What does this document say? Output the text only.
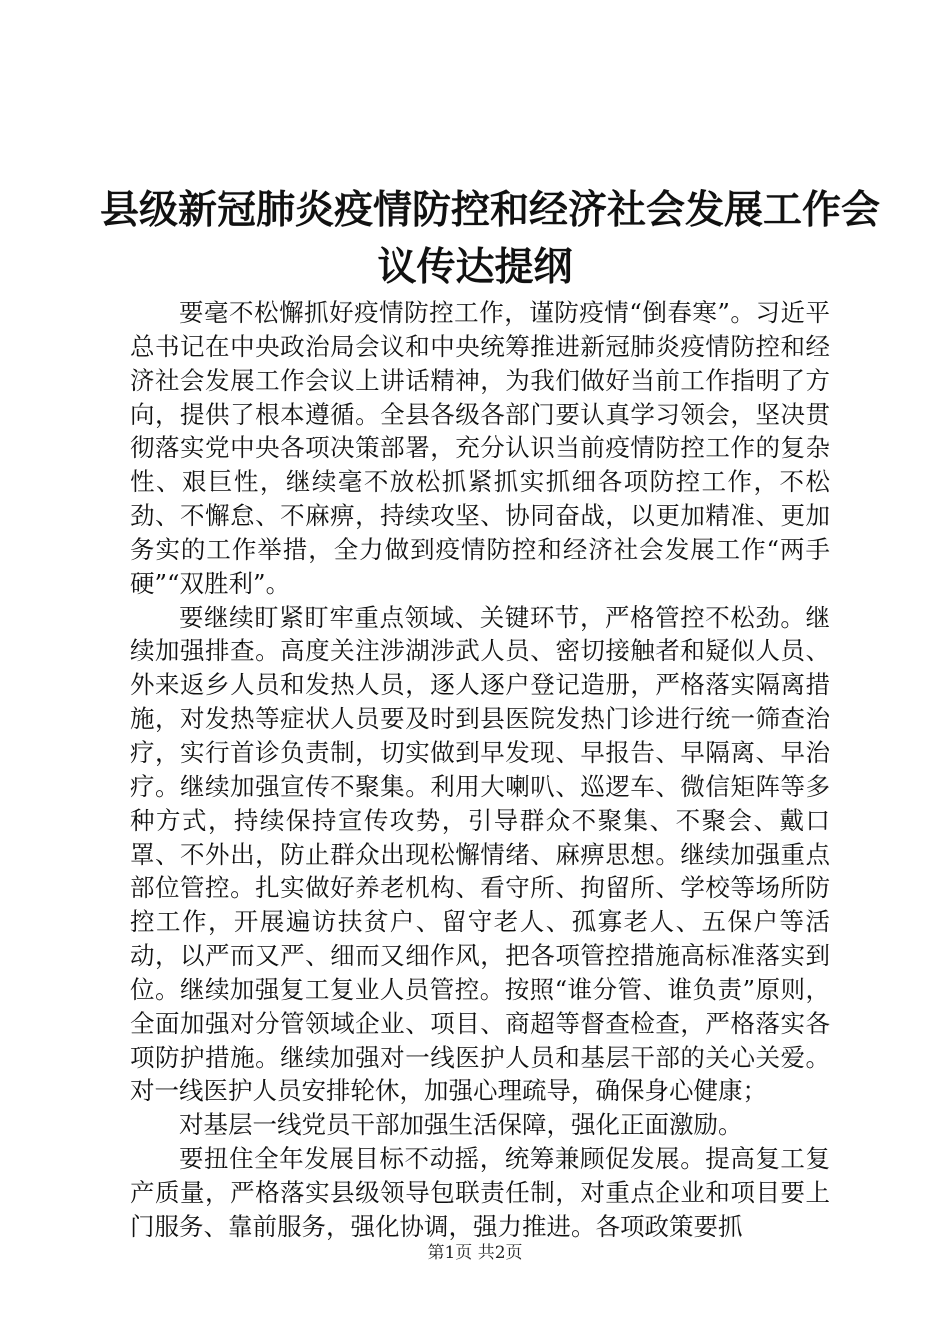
县级新冠肺炎疫情防控和经济社会发展工作会
议传达提纲

要毫不松懈抓好疫情防控工作，谨防疫情“倒春寒”。习近平总书记在中央政治局会议和中央统筹推进新冠肺炎疫情防控和经济社会发展工作会议上讲话精神，为我们做好当前工作指明了方向，提供了根本遵循。全县各级各部门要认真学习领会，坚决贯彻落实党中央各项决策部署，充分认识当前疫情防控工作的复杂性、艰巨性，继续毫不放松抓紧抓实抓细各项防控工作，不松劲、不懈怠、不麻痹，持续攻坚、协同奋战，以更加精准、更加务实的工作举措，全力做到疫情防控和经济社会发展工作“两手硬”“双胜利”。

要继续盯紧盯牢重点领域、关键环节，严格管控不松劲。继续加强排查。高度关注涉湖涉武人员、密切接触者和疑似人员、外来返乡人员和发热人员，逐人逐户登记造册，严格落实隔离措施，对发热等症状人员要及时到县医院发热门诊进行统一筛查治疗，实行首诊负责制，切实做到早发现、早报告、早隔离、早治疗。继续加强宣传不聚集。利用大喇叭、巡逻车、微信矩阵等多种方式，持续保持宣传攻势，引导群众不聚集、不聚会、戴口罩、不外出，防止群众出现松懈情绪、麻痹思想。继续加强重点部位管控。扎实做好养老机构、看守所、拘留所、学校等场所防控工作，开展遍访扶贫户、留守老人、孤寡老人、五保户等活动，以严而又严、细而又细作风，把各项管控措施高标准落实到位。继续加强复工复业人员管控。按照“谁分管、谁负责”原则，全面加强对分管领域企业、项目、商超等督查检查，严格落实各项防护措施。继续加强对一线医护人员和基层干部的关心关爱。对一线医护人员安排轮休，加强心理疏导，确保身心健康；

对基层一线党员干部加强生活保障，强化正面激励。

要扭住全年发展目标不动摇，统筹兼顾促发展。提高复工复产质量，严格落实县级领导包联责任制，对重点企业和项目要上门服务、靠前服务，强化协调，强力推进。各项政策要抓

第1页 共2页
